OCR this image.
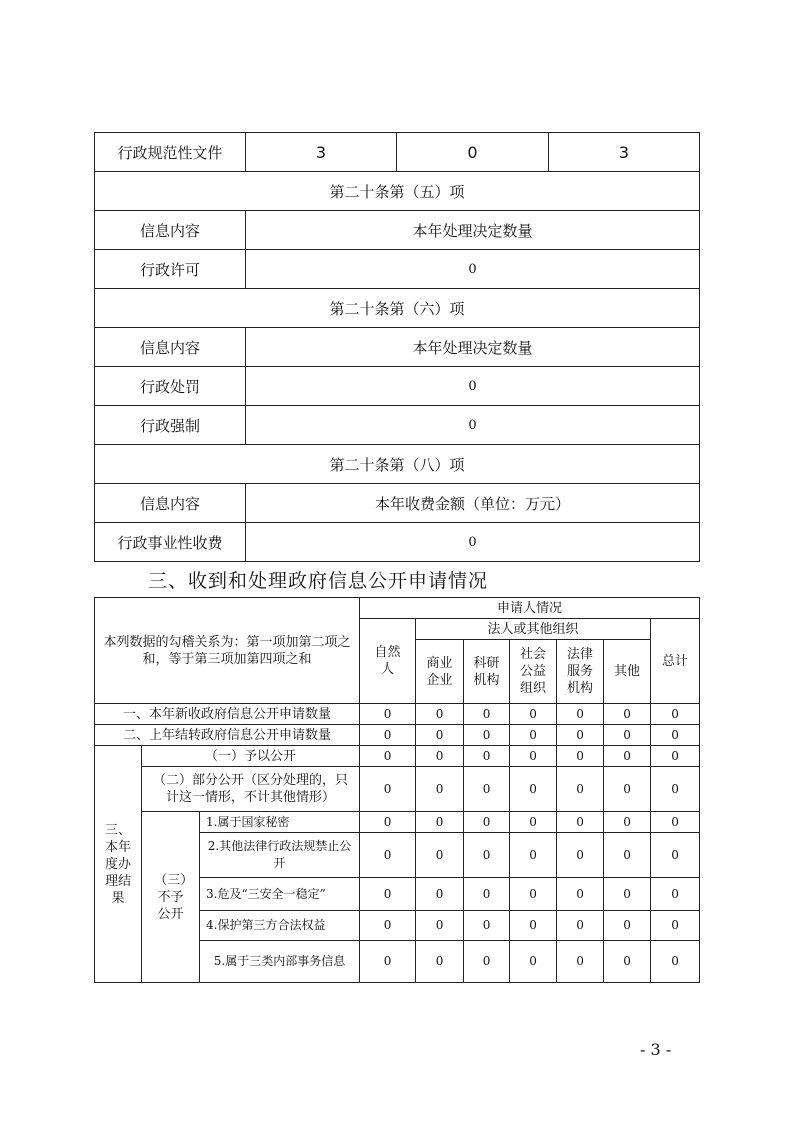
行政规范性文件	3	0	3
第二十条第（五）项			
信息内容	本年处理决定数量		
行政许可	0		
第二十条第（六）项			
信息内容	本年处理决定数量		
行政处罚	0		
行政强制	0		
第二十条第（八）项			
信息内容	本年收费金额（单位：万元）		
行政事业性收费	0		
三、收到和处理政府信息公开申请情况
本列数据的勾稽关系为：第一项加第二项之和，等于第三项加第四项之和			申请人情况						
			自然人	法人或其他组织					总计
				商业企业	科研机构	社会公益组织	法律服务机构	其他	
一、本年新收政府信息公开申请数量			0	0	0	0	0	0	0
二、上年结转政府信息公开申请数量			0	0	0	0	0	0	0
三、本年度办理结果	（一）予以公开		0	0	0	0	0	0	0
	（二）部分公开（区分处理的，只计这一情形，不计其他情形）		0	0	0	0	0	0	0
	（三）不予公开	1.属于国家秘密	0	0	0	0	0	0	0
		2.其他法律行政法规禁止公开	0	0	0	0	0	0	0
		3.危及“三安全一稳定”	0	0	0	0	0	0	0
		4.保护第三方合法权益	0	0	0	0	0	0	0
		5.属于三类内部事务信息	0	0	0	0	0	0	0
- 3 -
